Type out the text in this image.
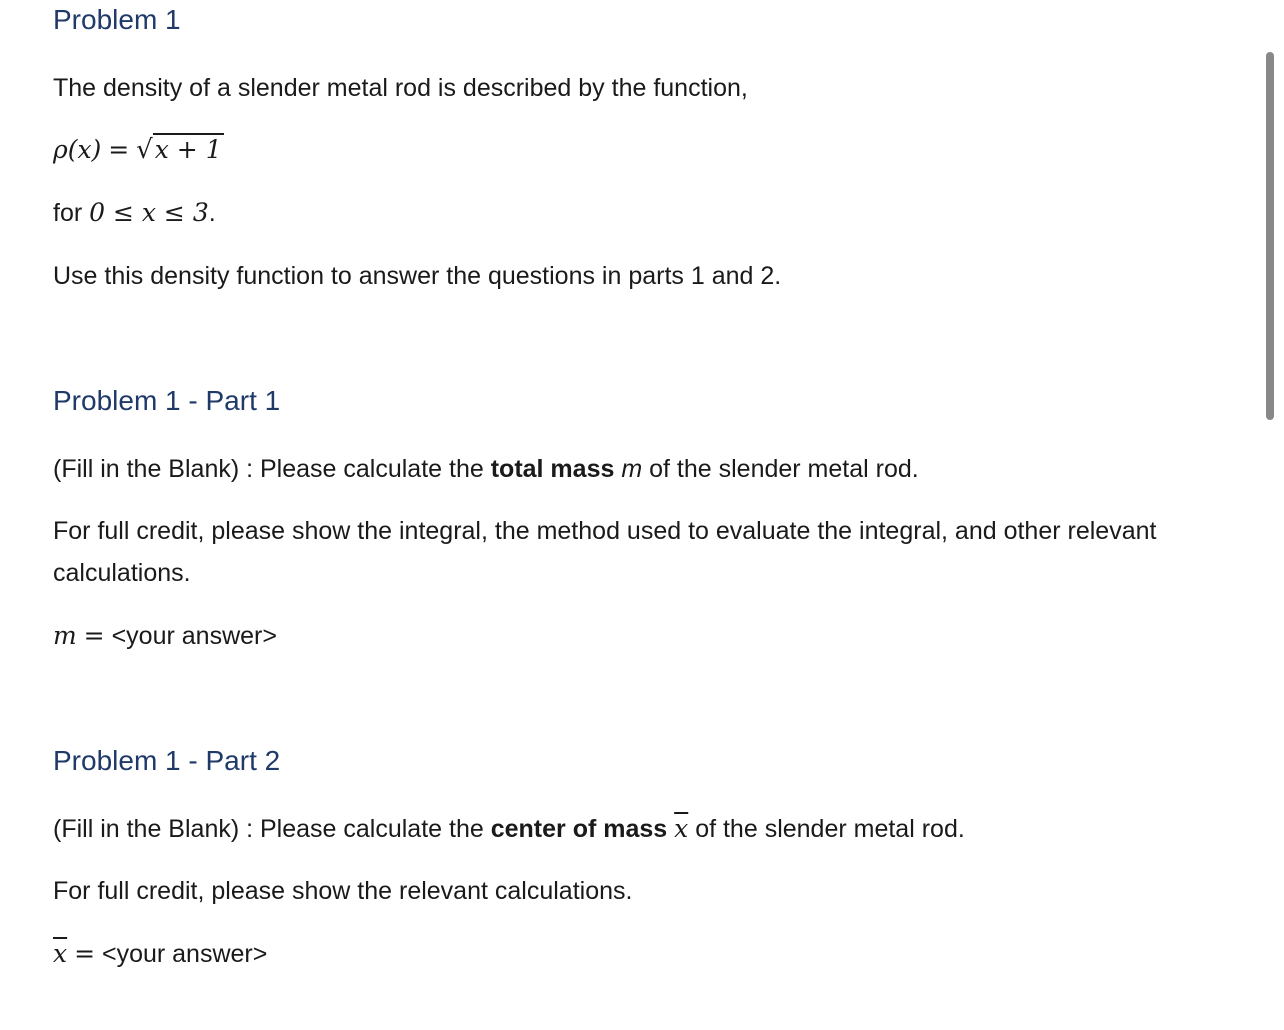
Problem 1

The density of a slender metal rod is described by the function,

ρ(x) = √x + 1

for 0 ≤ x ≤ 3.

Use this density function to answer the questions in parts 1 and 2.

Problem 1 - Part 1

(Fill in the Blank) : Please calculate the total mass m of the slender metal rod.

For full credit, please show the integral, the method used to evaluate the integral, and other relevant calculations.

m = <your answer>

Problem 1 - Part 2

(Fill in the Blank) : Please calculate the center of mass $\overline{x}$ of the slender metal rod.

For full credit, please show the relevant calculations.

$\overline{x}$ = <your answer>
